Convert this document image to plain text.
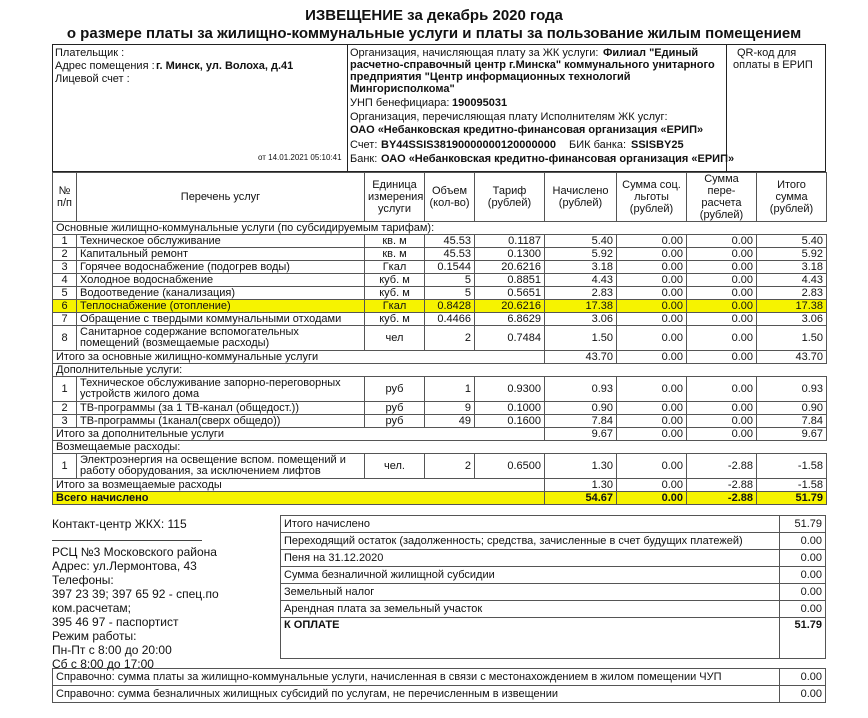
ИЗВЕЩЕНИЕ за декабрь 2020 года
о размере платы за жилищно-коммунальные услуги и платы за пользование жилым помещением
Плательщик :
Адрес помещения : г. Минск, ул. Волоха, д.41
Лицевой счет :
от 14.01.2021 05:10:41
Организация, начисляющая плату за ЖК услуги: Филиал "Единый
расчетно-справочный центр г.Минска" коммунального унитарного
предприятия "Центр информационных технологий
Мингорисполкома"
УНП бенефициара: 190095031
Организация, перечисляющая плату Исполнителям ЖК услуг:
ОАО «Небанковская кредитно-финансовая организация «ЕРИП»
Счет: BY44SSIS38190000000120000000 БИК банка: SSISBY25
Банк: ОАО «Небанковская кредитно-финансовая организация «ЕРИП»
QR-код для
оплаты в ЕРИП
№ п/п	Перечень услуг	Единица измерения услуги	Объем (кол-во)	Тариф (рублей)	Начислено (рублей)	Сумма соц. льготы (рублей)	Сумма пере- расчета (рублей)	Итого сумма (рублей)
Основные жилищно-коммунальные услуги (по субсидируемым тарифам):								
1	Техническое обслуживание	кв. м	45.53	0.1187	5.40	0.00	0.00	5.40
2	Капитальный ремонт	кв. м	45.53	0.1300	5.92	0.00	0.00	5.92
3	Горячее водоснабжение (подогрев воды)	Гкал	0.1544	20.6216	3.18	0.00	0.00	3.18
4	Холодное водоснабжение	куб. м	5	0.8851	4.43	0.00	0.00	4.43
5	Водоотведение (канализация)	куб. м	5	0.5651	2.83	0.00	0.00	2.83
6	Теплоснабжение (отопление)	Гкал	0.8428	20.6216	17.38	0.00	0.00	17.38
7	Обращение с твердыми коммунальными отходами	куб. м	0.4466	6.8629	3.06	0.00	0.00	3.06
8	Санитарное содержание вспомогательных помещений (возмещаемые расходы)	чел	2	0.7484	1.50	0.00	0.00	1.50
Итого за основные жилищно-коммунальные услуги					43.70	0.00	0.00	43.70
Дополнительные услуги:								
1	Техническое обслуживание запорно-переговорных устройств жилого дома	руб	1	0.9300	0.93	0.00	0.00	0.93
2	ТВ-программы (за 1 ТВ-канал (общедост.))	руб	9	0.1000	0.90	0.00	0.00	0.90
3	ТВ-программы (1канал(сверх общедо))	руб	49	0.1600	7.84	0.00	0.00	7.84
Итого за дополнительные услуги					9.67	0.00	0.00	9.67
Возмещаемые расходы:								
1	Электроэнергия на освещение вспом. помещений и работу оборудования, за исключением лифтов	чел.	2	0.6500	1.30	0.00	-2.88	-1.58
Итого за возмещаемые расходы					1.30	0.00	-2.88	-1.58
Всего начислено					54.67	0.00	-2.88	51.79
Контакт-центр ЖКХ: 115
РСЦ №3 Московского района
Адрес: ул.Лермонтова, 43
Телефоны:
397 23 39; 397 65 92 - спец.по
ком.расчетам;
395 46 97 - паспортист
Режим работы:
Пн-Пт с 8:00 до 20:00
Сб с 8:00 до 17:00
Итого начислено	51.79
Переходящий остаток (задолженность; средства, зачисленные в счет будущих платежей)	0.00
Пеня на 31.12.2020	0.00
Сумма безналичной жилищной субсидии	0.00
Земельный налог	0.00
Арендная плата за земельный участок	0.00
К ОПЛАТЕ	51.79
Справочно: сумма платы за жилищно-коммунальные услуги, начисленная в связи с местонахождением в жилом помещении ЧУП	0.00
Справочно: сумма безналичных жилищных субсидий по услугам, не перечисленным в извещении	0.00
